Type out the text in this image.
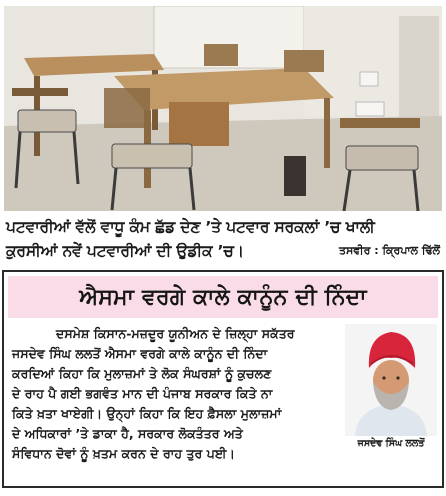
ਪਟਵਾਰੀਆਂ ਵੱਲੋਂ ਵਾਧੂ ਕੰਮ ਛੱਡ ਦੇਣ ’ਤੇ ਪਟਵਾਰ ਸਰਕਲਾਂ ’ਚ ਖਾਲੀ
ਕੁਰਸੀਆਂ ਨਵੇਂ ਪਟਵਾਰੀਆਂ ਦੀ ਉਡੀਕ ’ਚ।	ਤਸਵੀਰ : ਕ੍ਰਿਪਾਲ ਢਿੱਲੋਂ
ਐਸਮਾ ਵਰਗੇ ਕਾਲੇ ਕਾਨੂੰਨ ਦੀ ਨਿੰਦਾ
ਦਸਮੇਸ਼ ਕਿਸਾਨ-ਮਜ਼ਦੂਰ ਯੂਨੀਅਨ ਦੇ ਜ਼ਿਲ੍ਹਾ ਸਕੱਤਰ
ਜਸਦੇਵ ਸਿੰਘ ਲਲਤੋਂ ਐਸਮਾ ਵਰਗੇ ਕਾਲੇ ਕਾਨੂੰਨ ਦੀ ਨਿੰਦਾ
ਕਰਦਿਆਂ ਕਿਹਾ ਕਿ ਮੁਲਾਜ਼ਮਾਂ ਤੇ ਲੋਕ ਸੰਘਰਸ਼ਾਂ ਨੂੰ ਕੁਚਲਣ
ਦੇ ਰਾਹ ਪੈ ਗਈ ਭਗਵੰਤ ਮਾਨ ਦੀ ਪੰਜਾਬ ਸਰਕਾਰ ਕਿਤੇ ਨਾ
ਕਿਤੇ ਖ਼ਤਾ ਖਾਏਗੀ। ਉਨ੍ਹਾਂ ਕਿਹਾ ਕਿ ਇਹ ਫ਼ੈਸਲਾ ਮੁਲਾਜ਼ਮਾਂ
ਦੇ ਅਧਿਕਾਰਾਂ ’ਤੇ ਡਾਕਾ ਹੈ, ਸਰਕਾਰ ਲੋਕਤੰਤਰ ਅਤੇ
ਸੰਵਿਧਾਨ ਦੋਵਾਂ ਨੂੰ ਖ਼ਤਮ ਕਰਨ ਦੇ ਰਾਹ ਤੁਰ ਪਈ।
ਜਸਦੇਵ ਸਿੰਘ ਲਲਤੋਂ
